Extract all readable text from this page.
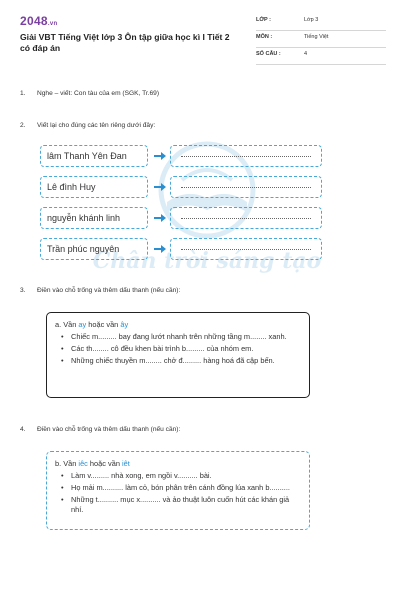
2048.vn
Giải VBT Tiếng Việt lớp 3 Ôn tập giữa học kì I Tiết 2 có đáp án
LỚP :	Lớp 3
MÔN :	Tiếng Việt
SỐ CÂU :	4
Chân trời sáng tạo
1. Nghe – viết: Con tàu của em (SGK, Tr.69)
2. Viết lại cho đúng các tên riêng dưới đây:
lâm Thanh Yên Đan
Lê đình Huy
nguyễn khánh linh
Trần phúc nguyên
3. Điền vào chỗ trống và thêm dấu thanh (nếu cần):
a. Vần ay hoặc vần ây
• Chiếc m......... bay đang lướt nhanh trên những tầng m........ xanh.
• Các th........ cô đều khen bài trình b......... của nhóm em.
• Những chiếc thuyền m........ chở đ......... hàng hoá đã cập bến.
4. Điền vào chỗ trống và thêm dấu thanh (nếu cần):
b. Vần iêc hoặc vần iêt
• Làm v......... nhà xong, em ngồi v.......... bài.
• Họ mải m.......... làm cỏ, bón phân trên cánh đồng lúa xanh b..........
• Những t.......... mục x.......... và ảo thuật luôn cuốn hút các khán giả nhí.
